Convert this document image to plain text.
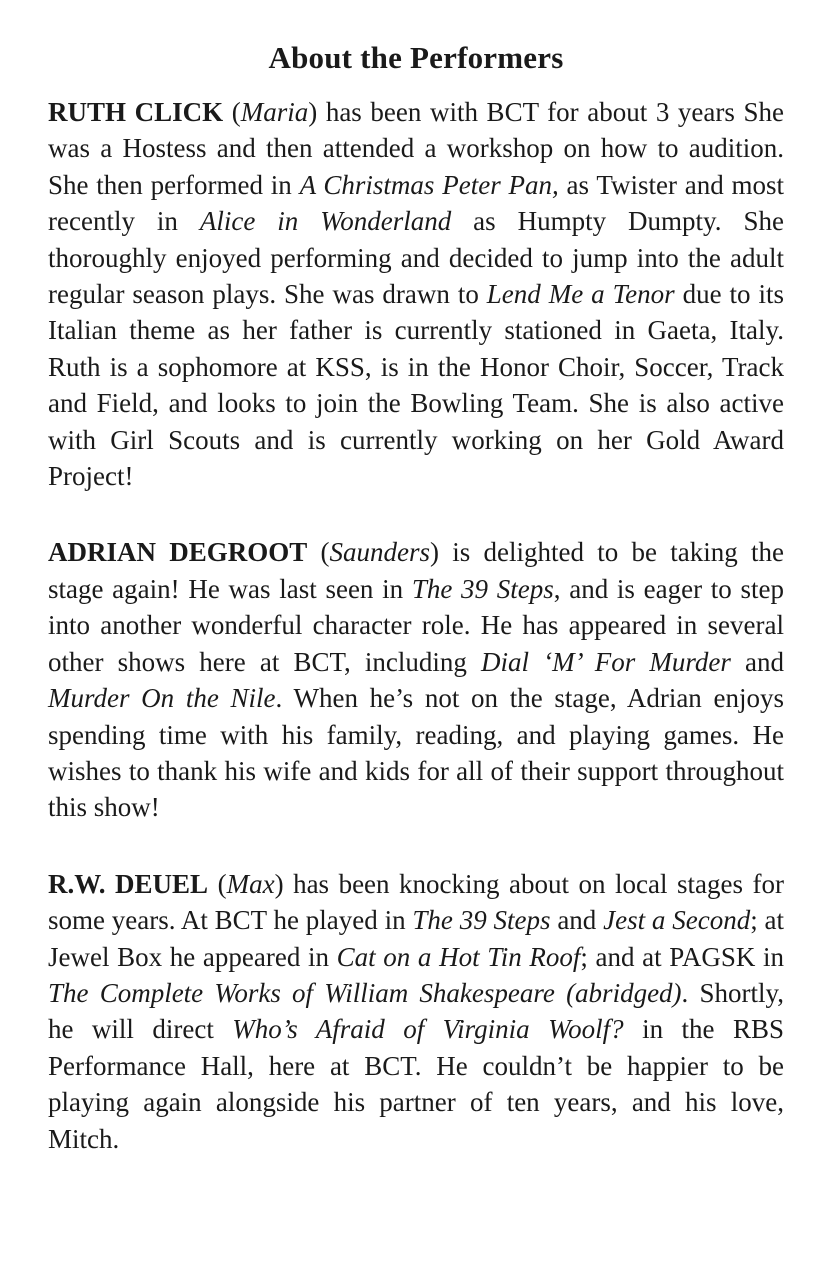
About the Performers

RUTH CLICK (Maria) has been with BCT for about 3 years She was a Hostess and then attended a workshop on how to audition. She then performed in A Christmas Peter Pan, as Twister and most recently in Alice in Wonderland as Humpty Dumpty. She thoroughly enjoyed performing and decided to jump into the adult regular season plays. She was drawn to Lend Me a Tenor due to its Italian theme as her father is currently stationed in Gaeta, Italy. Ruth is a sophomore at KSS, is in the Honor Choir, Soccer, Track and Field, and looks to join the Bowling Team. She is also active with Girl Scouts and is currently working on her Gold Award Project!

ADRIAN DEGROOT (Saunders) is delighted to be taking the stage again! He was last seen in The 39 Steps, and is eager to step into another wonderful character role. He has appeared in several other shows here at BCT, including Dial ‘M’ For Murder and Murder On the Nile. When he’s not on the stage, Adrian enjoys spending time with his family, reading, and playing games. He wishes to thank his wife and kids for all of their support throughout this show!

R.W. DEUEL (Max) has been knocking about on local stages for some years. At BCT he played in The 39 Steps and Jest a Second; at Jewel Box he appeared in Cat on a Hot Tin Roof; and at PAGSK in The Complete Works of William Shakespeare (abridged). Shortly, he will direct Who’s Afraid of Virginia Woolf? in the RBS Performance Hall, here at BCT. He couldn’t be happier to be playing again alongside his partner of ten years, and his love, Mitch.
